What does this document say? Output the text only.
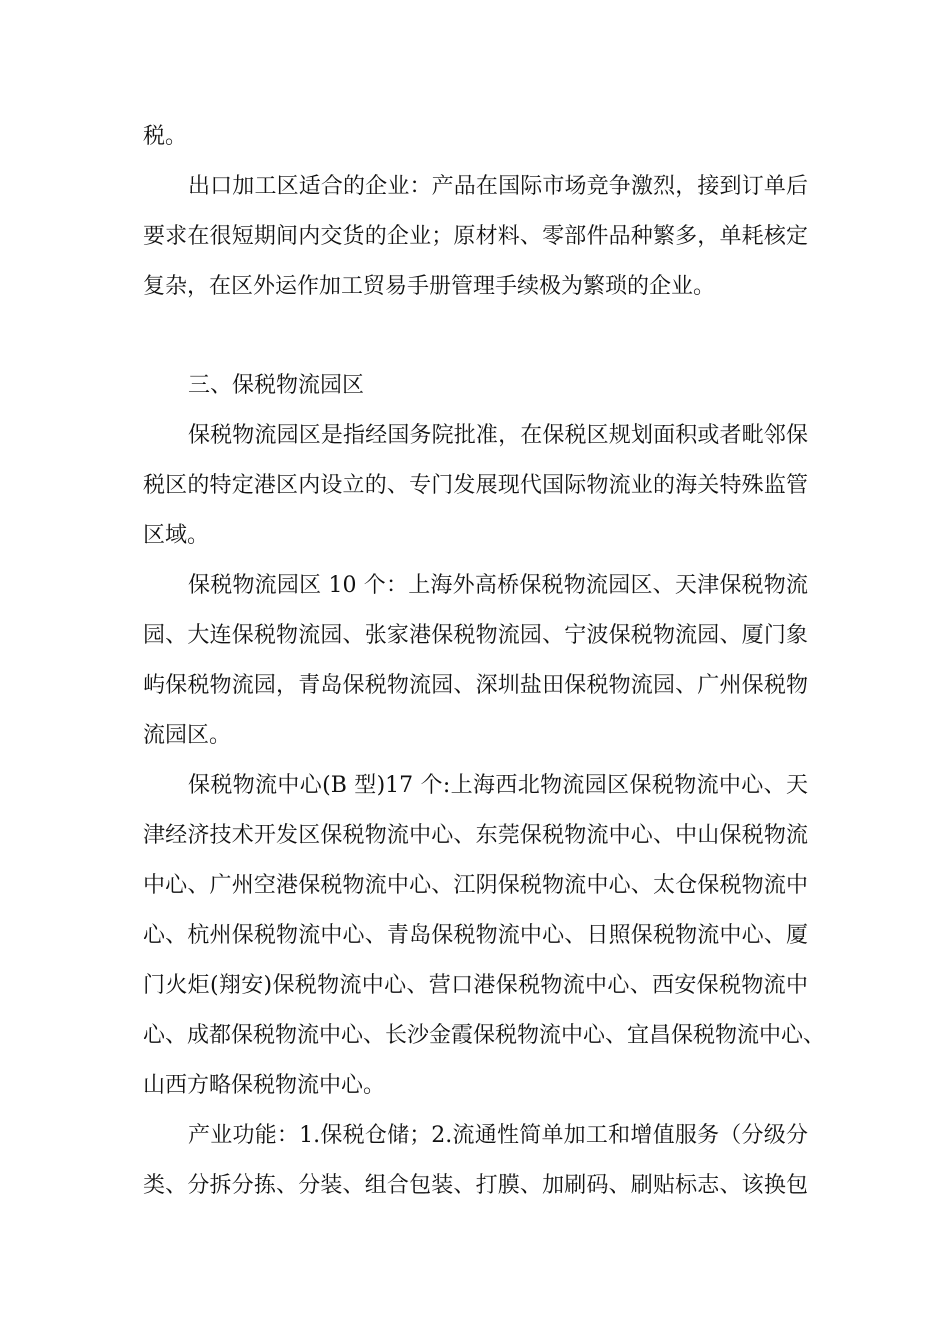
税。
出口加工区适合的企业：产品在国际市场竞争激烈，接到订单后
要求在很短期间内交货的企业；原材料、零部件品种繁多，单耗核定
复杂，在区外运作加工贸易手册管理手续极为繁琐的企业。
三、保税物流园区
保税物流园区是指经国务院批准，在保税区规划面积或者毗邻保
税区的特定港区内设立的、专门发展现代国际物流业的海关特殊监管
区域。
保税物流园区 10 个：上海外高桥保税物流园区、天津保税物流
园、大连保税物流园、张家港保税物流园、宁波保税物流园、厦门象
屿保税物流园，青岛保税物流园、深圳盐田保税物流园、广州保税物
流园区。
保税物流中心(B 型)17 个:上海西北物流园区保税物流中心、天
津经济技术开发区保税物流中心、东莞保税物流中心、中山保税物流
中心、广州空港保税物流中心、江阴保税物流中心、太仓保税物流中
心、杭州保税物流中心、青岛保税物流中心、日照保税物流中心、厦
门火炬(翔安)保税物流中心、营口港保税物流中心、西安保税物流中
心、成都保税物流中心、长沙金霞保税物流中心、宜昌保税物流中心、
山西方略保税物流中心。
产业功能：1.保税仓储；2.流通性简单加工和增值服务（分级分
类、分拆分拣、分装、组合包装、打膜、加刷码、刷贴标志、该换包
